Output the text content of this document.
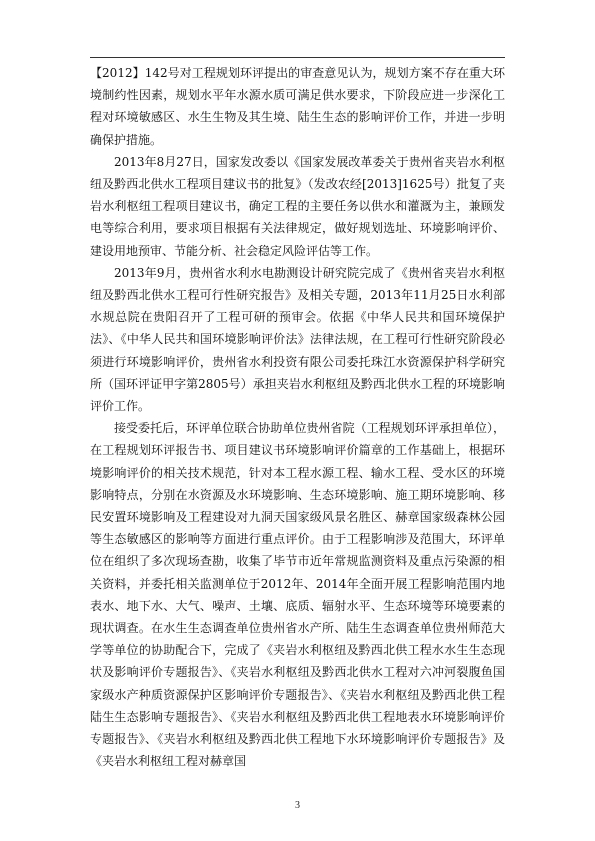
【2012】142号对工程规划环评提出的审查意见认为，规划方案不存在重大环境制约性因素，规划水平年水源水质可满足供水要求，下阶段应进一步深化工程对环境敏感区、水生生物及其生境、陆生生态的影响评价工作，并进一步明确保护措施。

2013年8月27日，国家发改委以《国家发展改革委关于贵州省夹岩水利枢纽及黔西北供水工程项目建议书的批复》（发改农经[2013]1625号）批复了夹岩水利枢纽工程项目建议书，确定工程的主要任务以供水和灌溉为主，兼顾发电等综合利用，要求项目根据有关法律规定，做好规划选址、环境影响评价、建设用地预审、节能分析、社会稳定风险评估等工作。

2013年9月，贵州省水利水电勘测设计研究院完成了《贵州省夹岩水利枢纽及黔西北供水工程可行性研究报告》及相关专题，2013年11月25日水利部水规总院在贵阳召开了工程可研的预审会。依据《中华人民共和国环境保护法》、《中华人民共和国环境影响评价法》法律法规，在工程可行性研究阶段必须进行环境影响评价，贵州省水利投资有限公司委托珠江水资源保护科学研究所（国环评证甲字第2805号）承担夹岩水利枢纽及黔西北供水工程的环境影响评价工作。

接受委托后，环评单位联合协助单位贵州省院（工程规划环评承担单位），在工程规划环评报告书、项目建议书环境影响评价篇章的工作基础上，根据环境影响评价的相关技术规范，针对本工程水源工程、输水工程、受水区的环境影响特点，分别在水资源及水环境影响、生态环境影响、施工期环境影响、移民安置环境影响及工程建设对九洞天国家级风景名胜区、赫章国家级森林公园等生态敏感区的影响等方面进行重点评价。由于工程影响涉及范围大，环评单位在组织了多次现场查勘，收集了毕节市近年常规监测资料及重点污染源的相关资料，并委托相关监测单位于2012年、2014年全面开展工程影响范围内地表水、地下水、大气、噪声、土壤、底质、辐射水平、生态环境等环境要素的现状调查。在水生生态调查单位贵州省水产所、陆生生态调查单位贵州师范大学等单位的协助配合下，完成了《夹岩水利枢纽及黔西北供工程水水生生态现状及影响评价专题报告》、《夹岩水利枢纽及黔西北供水工程对六冲河裂腹鱼国家级水产种质资源保护区影响评价专题报告》、《夹岩水利枢纽及黔西北供工程陆生生态影响专题报告》、《夹岩水利枢纽及黔西北供工程地表水环境影响评价专题报告》、《夹岩水利枢纽及黔西北供工程地下水环境影响评价专题报告》及《夹岩水利枢纽工程对赫章国

3
